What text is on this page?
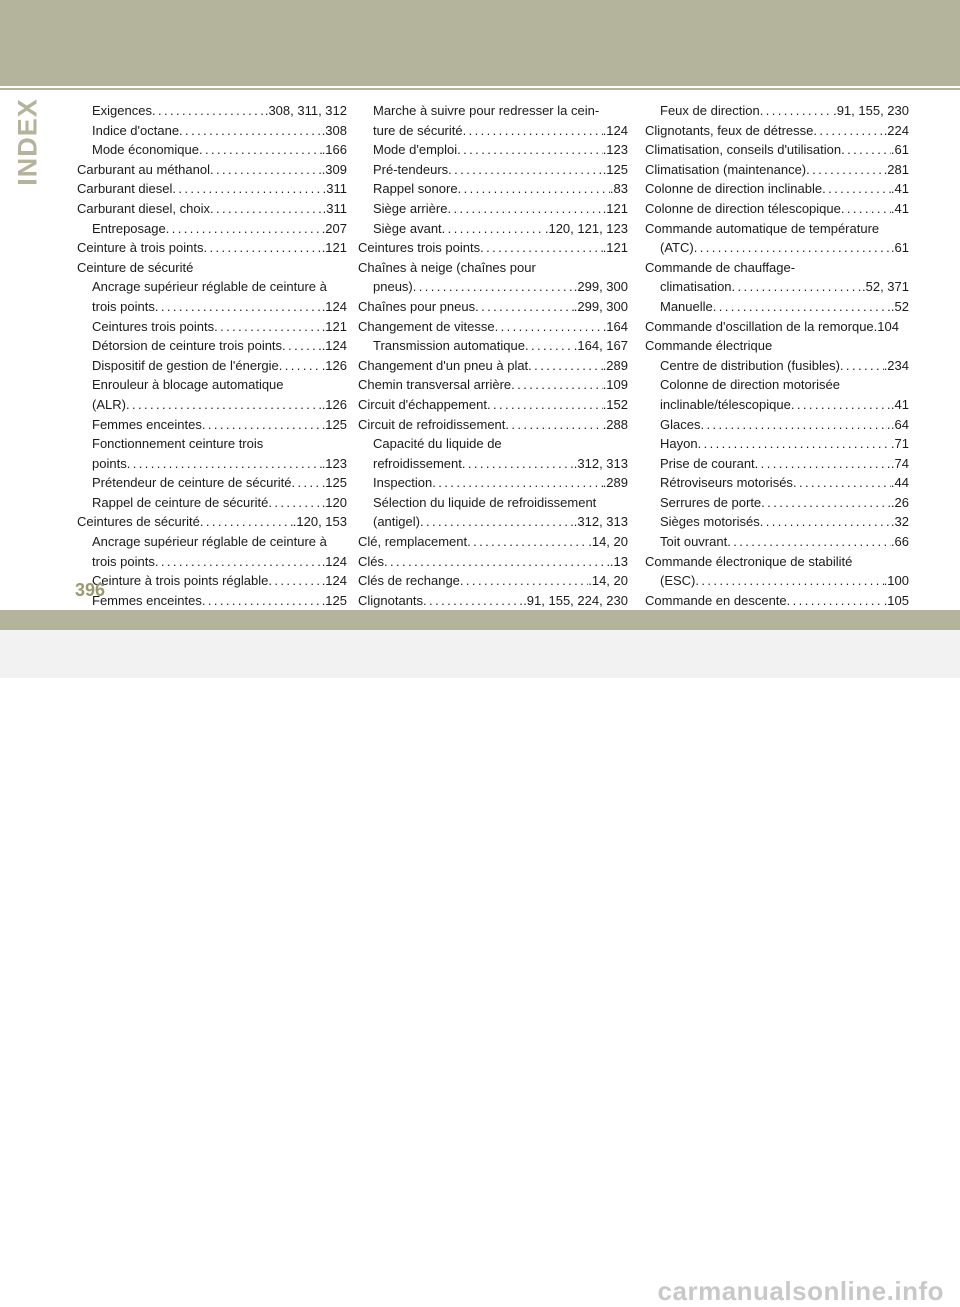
INDEX	Exigences .....	.308, 311, 312
Indice d'octane .....	.308
Mode économique .....	.166
Carburant au méthanol .....	.309
Carburant diesel .....	.311
Carburant diesel, choix .....	.311
Entreposage .....	.207
Ceinture à trois points .....	.121
Ceinture de sécurité
Ancrage supérieur réglable de ceinture à
trois points .....	.124
Ceintures trois points .....	.121
Détorsion de ceinture trois points .....	.124
Dispositif de gestion de l'énergie .....	.126
Enrouleur à blocage automatique
(ALR) .....	.126
Femmes enceintes .....	.125
Fonctionnement ceinture trois
points .....	.123
Prétendeur de ceinture de sécurité ..... .125
Rappel de ceinture de sécurité .....	.120
Ceintures de sécurité .....	.120, 153
Ancrage supérieur réglable de ceinture à
trois points .....	.124
Ceinture à trois points réglable .....	.124
Femmes enceintes .....	.125
.....
Marche à suivre pour redresser la cein-
ture de sécurité .....	.124
Mode d'emploi .....	.123
Pré-tendeurs .....	.125
Rappel sonore .....	.83
Siège arrière .....	.121
Siège avant .....	.120, 121, 123
Ceintures trois points .....	.121
Chaînes à neige (chaînes pour
pneus) .....	.299, 300
Chaînes pour pneus .....	.299, 300
Changement de vitesse .....	.164
Transmission automatique .....	.164, 167
Changement d'un pneu à plat .....	.289
Chemin transversal arrière .....	.109
Circuit d'échappement .....	.152
Circuit de refroidissement .....	.288
Capacité du liquide de
refroidissement .....	.312, 313
Inspection .....	.289
Sélection du liquide de refroidissement
(antigel) .....	.312, 313
Clé, remplacement .....	.14, 20
Clés .....	.13
Clés de rechange .....	.14, 20
Clignotants .....	.91, 155, 224, 230
.....
Feux de direction .....	.91, 155, 230
Clignotants, feux de détresse .....	.224
Climatisation, conseils d'utilisation .....	.61
Climatisation (maintenance) .....	.281
Colonne de direction inclinable .....	.41
Colonne de direction télescopique .....	.41
Commande automatique de température
(ATC) .....	.61
Commande de chauffage-
climatisation .....	.52, 371
Manuelle .....	.52
Commande d'oscillation de la remorque.104
Commande électrique
Centre de distribution (fusibles) .....	.234
Colonne de direction motorisée
inclinable/télescopique .....	.41
Glaces .....	.64
Hayon .....	.71
Prise de courant .....	.74
Rétroviseurs motorisés .....	.44
Serrures de porte .....	.26
Sièges motorisés .....	.32
Toit ouvrant .....	.66
Commande électronique de stabilité
(ESC) .....	.100
Commande en descente .....	.105
396
carmanualsonline.info
